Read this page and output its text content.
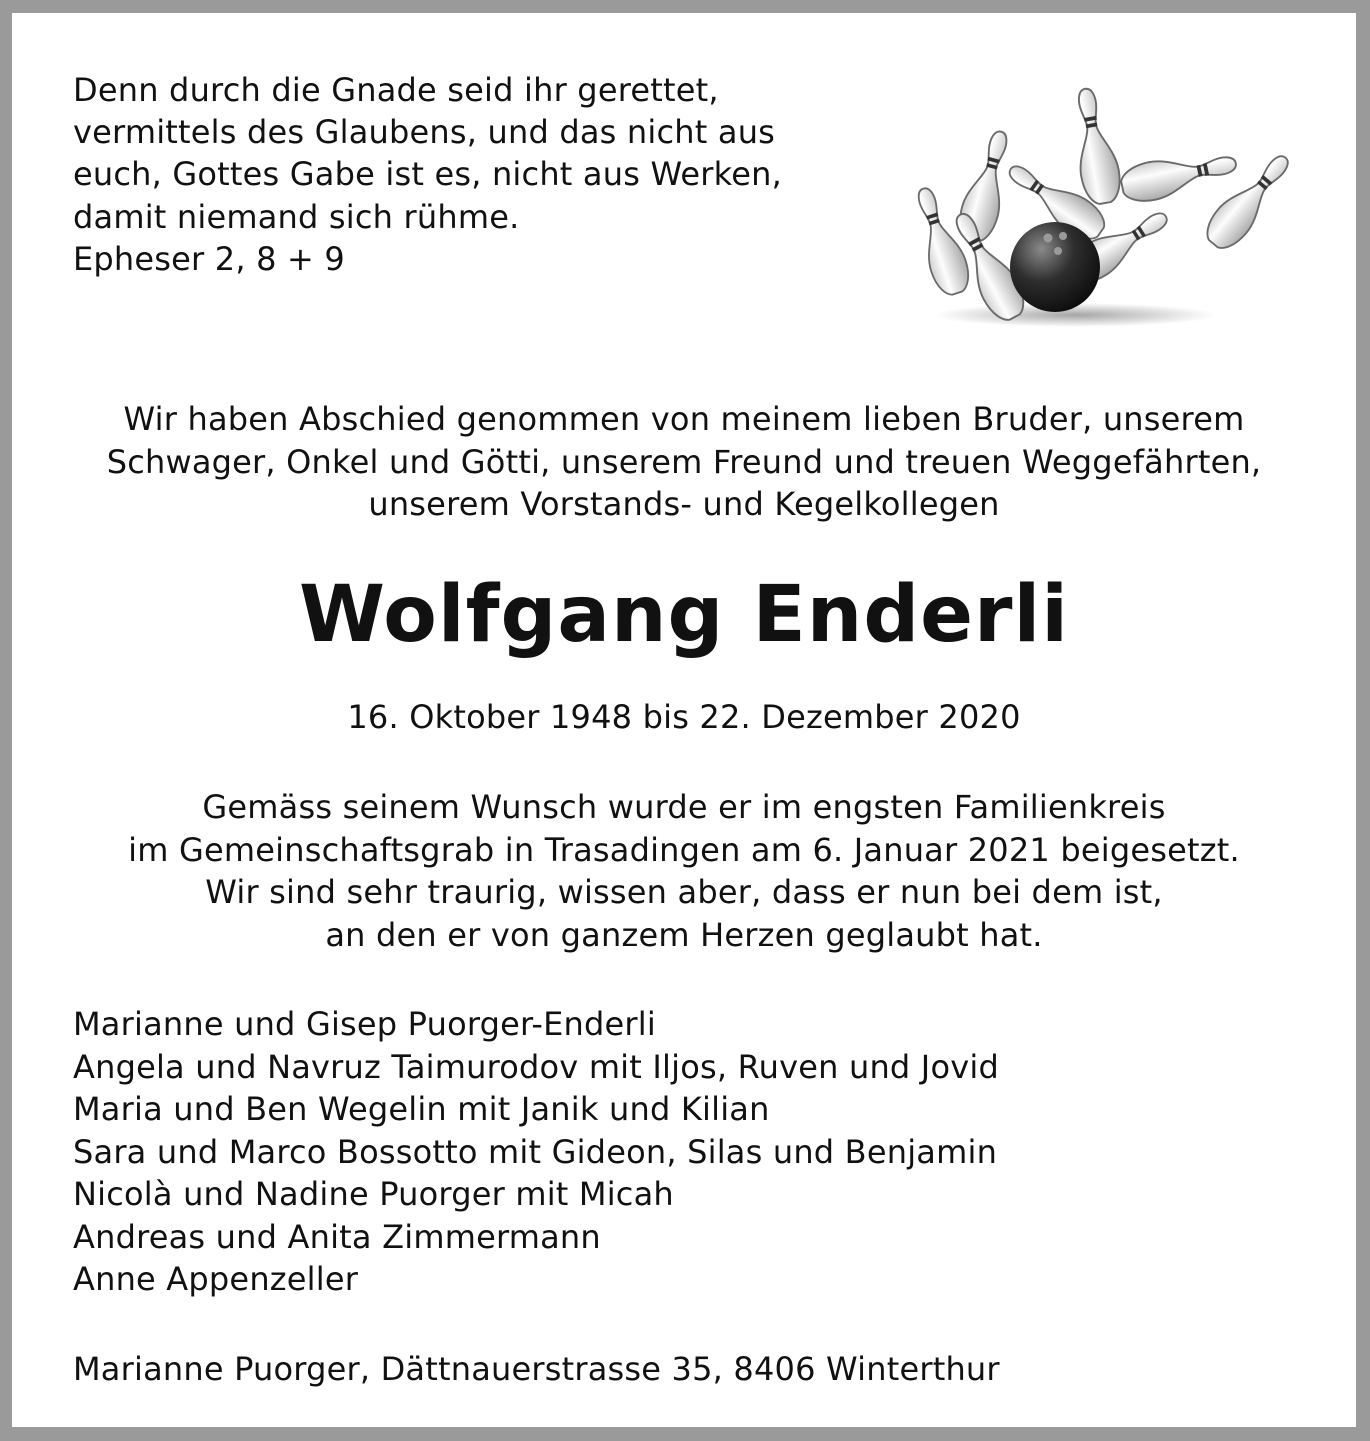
Denn durch die Gnade seid ihr gerettet,
vermittels des Glaubens, und das nicht aus
euch, Gottes Gabe ist es, nicht aus Werken,
damit niemand sich rühme.
Epheser 2, 8 + 9
Wir haben Abschied genommen von meinem lieben Bruder, unserem
Schwager, Onkel und Götti, unserem Freund und treuen Weggefährten,
unserem Vorstands- und Kegelkollegen
Wolfgang Enderli
16. Oktober 1948 bis 22. Dezember 2020
Gemäss seinem Wunsch wurde er im engsten Familienkreis
im Gemeinschaftsgrab in Trasadingen am 6. Januar 2021 beigesetzt.
Wir sind sehr traurig, wissen aber, dass er nun bei dem ist,
an den er von ganzem Herzen geglaubt hat.
Marianne und Gisep Puorger-Enderli
Angela und Navruz Taimurodov mit Iljos, Ruven und Jovid
Maria und Ben Wegelin mit Janik und Kilian
Sara und Marco Bossotto mit Gideon, Silas und Benjamin
Nicolà und Nadine Puorger mit Micah
Andreas und Anita Zimmermann
Anne Appenzeller
Marianne Puorger, Dättnauerstrasse 35, 8406 Winterthur
